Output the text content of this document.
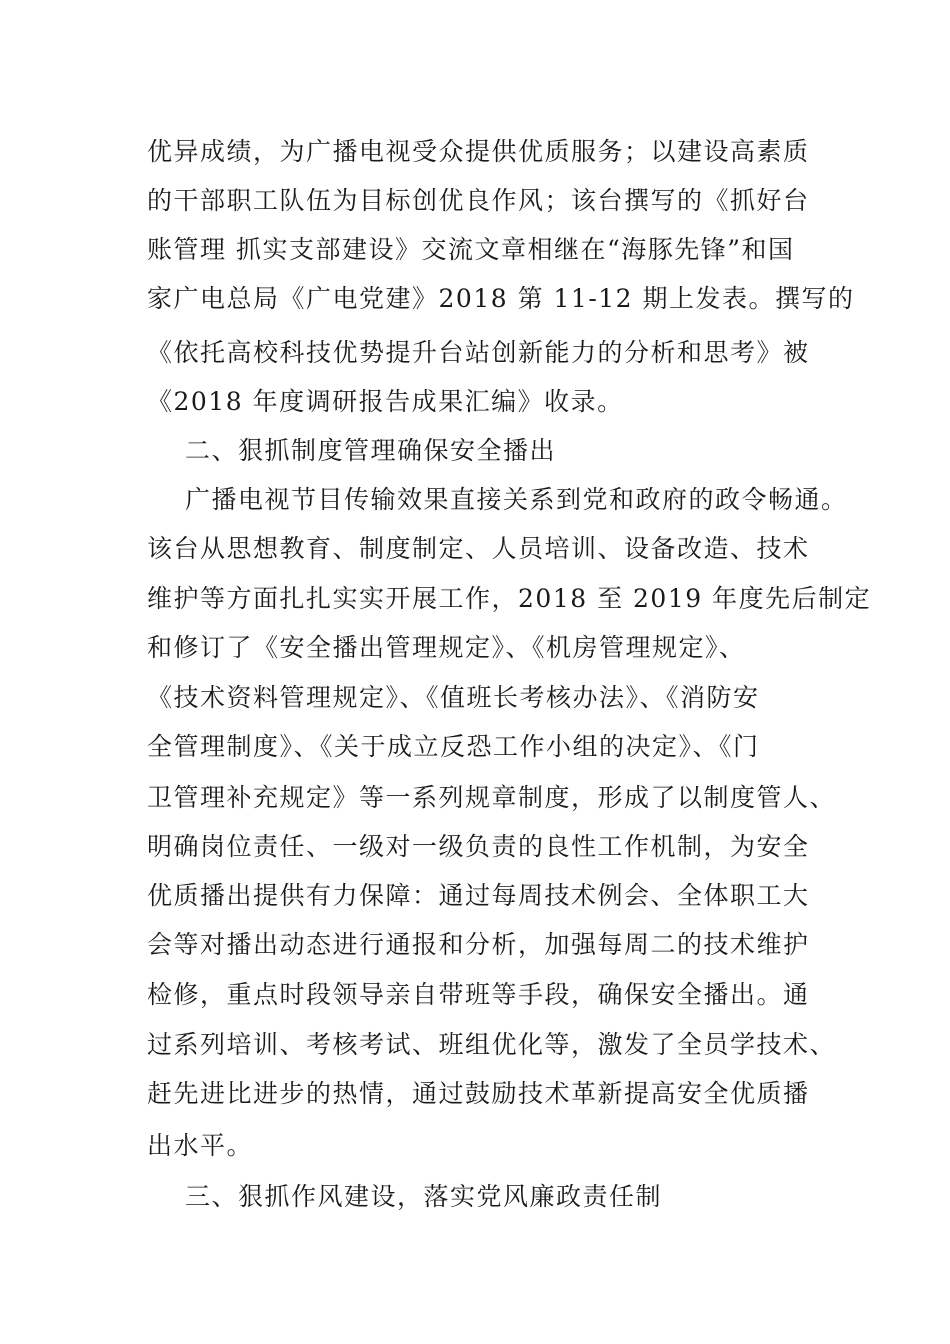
优异成绩，为广播电视受众提供优质服务；以建设高素质
的干部职工队伍为目标创优良作风；该台撰写的《抓好台
账管理 抓实支部建设》交流文章相继在“海豚先锋”和国
家广电总局《广电党建》2018 第 11-12 期上发表。撰写的
《依托高校科技优势提升台站创新能力的分析和思考》被
《2018 年度调研报告成果汇编》收录。
二、狠抓制度管理确保安全播出
广播电视节目传输效果直接关系到党和政府的政令畅通。
该台从思想教育、制度制定、人员培训、设备改造、技术
维护等方面扎扎实实开展工作，2018 至 2019 年度先后制定
和修订了《安全播出管理规定》、《机房管理规定》、
《技术资料管理规定》、《值班长考核办法》、《消防安
全管理制度》、《关于成立反恐工作小组的决定》、《门
卫管理补充规定》等一系列规章制度，形成了以制度管人、
明确岗位责任、一级对一级负责的良性工作机制，为安全
优质播出提供有力保障：通过每周技术例会、全体职工大
会等对播出动态进行通报和分析，加强每周二的技术维护
检修，重点时段领导亲自带班等手段，确保安全播出。通
过系列培训、考核考试、班组优化等，激发了全员学技术、
赶先进比进步的热情，通过鼓励技术革新提高安全优质播
出水平。
三、狠抓作风建设，落实党风廉政责任制
